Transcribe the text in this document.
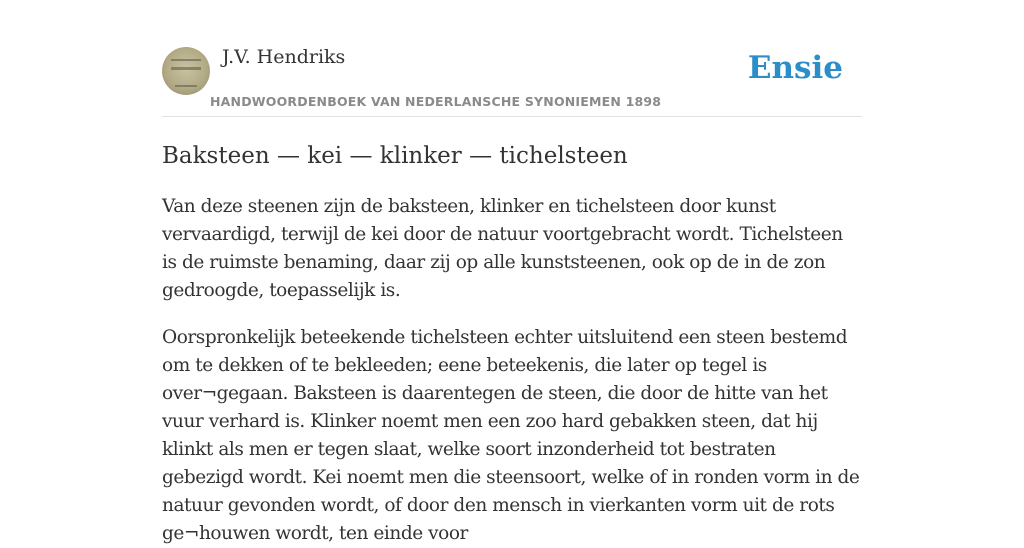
J.V. Hendriks
HANDWOORDENBOEK VAN NEDERLANSCHE SYNONIEMEN 1898
Ensie
Baksteen — kei — klinker — tichelsteen

Van deze steenen zijn de baksteen, klinker en tichelsteen door kunst vervaardigd, terwijl de kei door de natuur voortgebracht wordt. Tichelsteen is de ruimste benaming, daar zij op alle kunststeenen, ook op de in de zon gedroogde, toepasselijk is.

Oorspronkelijk beteekende tichelsteen echter uitsluitend een steen bestemd om te dekken of te bekleeden; eene beteekenis, die later op tegel is over¬gegaan. Baksteen is daarentegen de steen, die door de hitte van het vuur verhard is. Klinker noemt men een zoo hard gebakken steen, dat hij klinkt als men er tegen slaat, welke soort inzonderheid tot bestraten gebezigd wordt. Kei noemt men die steensoort, welke of in ronden vorm in de natuur gevonden wordt, of door den mensch in vierkanten vorm uit de rots ge¬houwen wordt, ten einde voor
